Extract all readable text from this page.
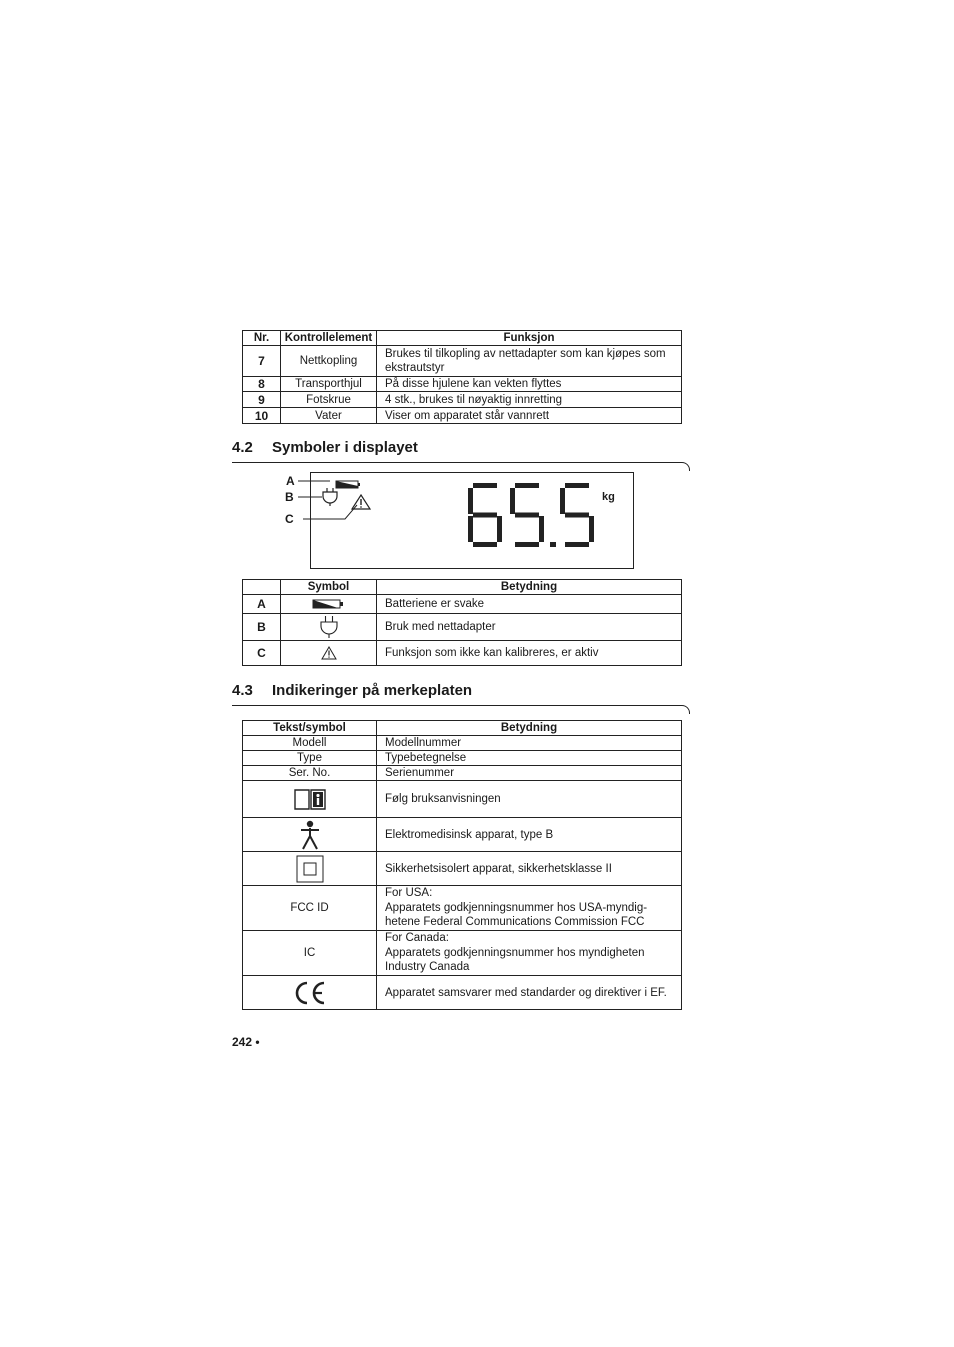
Nr.	Kontrollelement	Funksjon
7	Nettkopling	Brukes til tilkopling av nettadapter som kan kjøpes som ekstrautstyr
8	Transporthjul	På disse hjulene kan vekten flyttes
9	Fotskrue	4 stk., brukes til nøyaktig innretting
10	Vater	Viser om apparatet står vannrett
4.2 Symboler i displayet
A
B
C
kg
	Symbol	Betydning
A		Batteriene er svake
B		Bruk med nettadapter
C		Funksjon som ikke kan kalibreres, er aktiv
4.3 Indikeringer på merkeplaten
Tekst/symbol	Betydning
Modell	Modellnummer
Type	Typebetegnelse
Ser. No.	Serienummer

	Følg bruksanvisningen

	Elektromedisinsk apparat, type B

	Sikkerhetsisolert apparat, sikkerhetsklasse II
FCC ID	For USA:
Apparatets godkjenningsnummer hos USA-myndig-
hetene Federal Communications Commission FCC

IC	For Canada:
Apparatets godkjenningsnummer hos myndigheten
Industry Canada

	Apparatet samsvarer med standarder og direktiver i EF.
242 •
